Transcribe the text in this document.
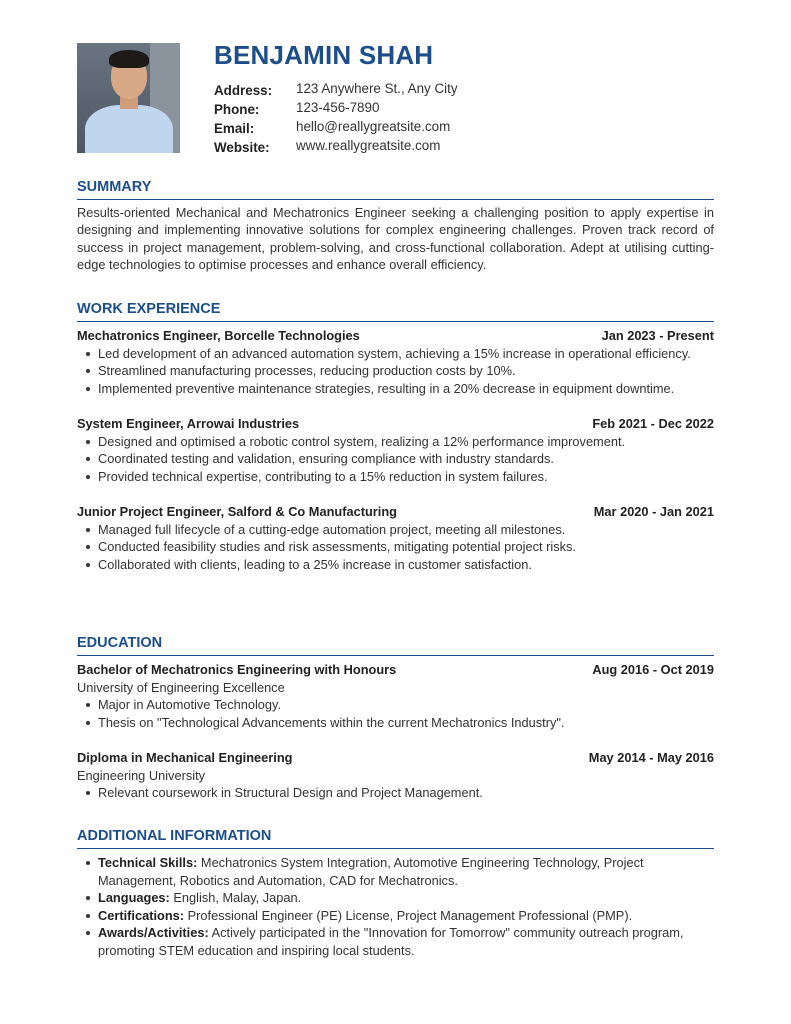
BENJAMIN SHAH
Address:	123 Anywhere St., Any City
Phone:	123-456-7890
Email:	hello@reallygreatsite.com
Website:	www.reallygreatsite.com
SUMMARY

Results-oriented Mechanical and Mechatronics Engineer seeking a challenging position to apply expertise in designing and implementing innovative solutions for complex engineering challenges. Proven track record of success in project management, problem-solving, and cross-functional collaboration. Adept at utilising cutting-edge technologies to optimise processes and enhance overall efficiency.

WORK EXPERIENCE
Mechatronics Engineer, Borcelle Technologies	Jan 2023 - Present
Led development of an advanced automation system, achieving a 15% increase in operational efficiency.
Streamlined manufacturing processes, reducing production costs by 10%.
Implemented preventive maintenance strategies, resulting in a 20% decrease in equipment downtime.
System Engineer, Arrowai Industries	Feb 2021 - Dec 2022
Designed and optimised a robotic control system, realizing a 12% performance improvement.
Coordinated testing and validation, ensuring compliance with industry standards.
Provided technical expertise, contributing to a 15% reduction in system failures.
Junior Project Engineer, Salford & Co Manufacturing	Mar 2020 - Jan 2021
Managed full lifecycle of a cutting-edge automation project, meeting all milestones.
Conducted feasibility studies and risk assessments, mitigating potential project risks.
Collaborated with clients, leading to a 25% increase in customer satisfaction.
EDUCATION
Bachelor of Mechatronics Engineering with Honours	Aug 2016 - Oct 2019
University of Engineering Excellence
Major in Automotive Technology.
Thesis on "Technological Advancements within the current Mechatronics Industry".
Diploma in Mechanical Engineering	May 2014 - May 2016
Engineering University
Relevant coursework in Structural Design and Project Management.
ADDITIONAL INFORMATION
Technical Skills: Mechatronics System Integration, Automotive Engineering Technology, Project Management, Robotics and Automation, CAD for Mechatronics.
Languages: English, Malay, Japan.
Certifications: Professional Engineer (PE) License, Project Management Professional (PMP).
Awards/Activities: Actively participated in the "Innovation for Tomorrow" community outreach program, promoting STEM education and inspiring local students.
